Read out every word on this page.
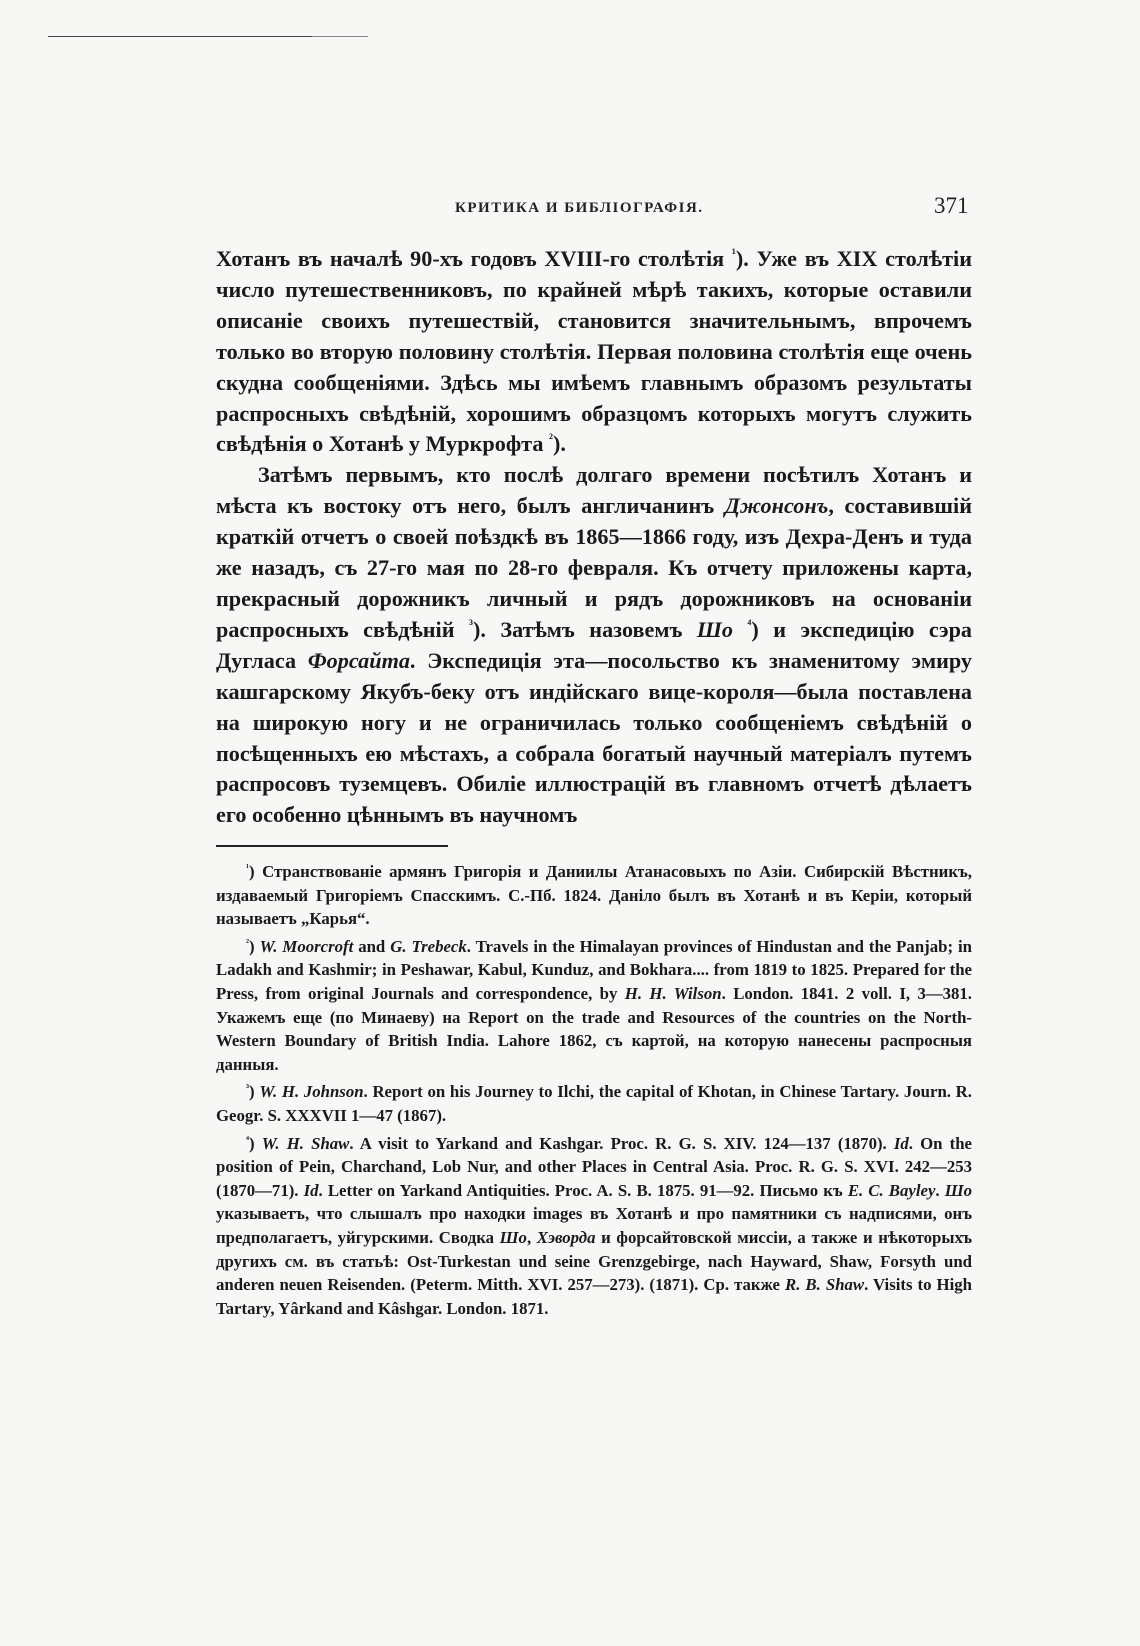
КРИТИКА И БИБЛІОГРАФІЯ.	371

Хотанъ въ началѣ 90-хъ годовъ XVIII-го столѣтія $^{^1}$). Уже въ XIX столѣтіи число путешественниковъ, по крайней мѣрѣ такихъ, которые оставили описаніе своихъ путешествій, становится значительнымъ, впрочемъ только во вторую половину столѣтія. Первая половина столѣтія еще очень скудна сообщеніями. Здѣсь мы имѣемъ главнымъ образомъ результаты распросныхъ свѣдѣній, хорошимъ образцомъ которыхъ могутъ служить свѣдѣнія о Хотанѣ у Муркрофта $^{^2}$).

Затѣмъ первымъ, кто послѣ долгаго времени посѣтилъ Хотанъ и мѣста къ востоку отъ него, былъ англичанинъ Джонсонъ, составившій краткій отчетъ о своей поѣздкѣ въ 1865—1866 году, изъ Дехра-Денъ и туда же назадъ, съ 27-го мая по 28-го февраля. Къ отчету приложены карта, прекрасный дорожникъ личный и рядъ дорожниковъ на основаніи распросныхъ свѣдѣній $^{^3}$). Затѣмъ назовемъ Шо $^{^4}$) и экспедицію сэра Дугласа Форсайта. Экспедиція эта—посольство къ знаменитому эмиру кашгарскому Якубъ-беку отъ индійскаго вице-короля—была поставлена на широкую ногу и не ограничилась только сообщеніемъ свѣдѣній о посѣщенныхъ ею мѣстахъ, а собрала богатый научный матеріалъ путемъ распросовъ туземцевъ. Обиліе иллюстрацій въ главномъ отчетѣ дѣлаетъ его особенно цѣннымъ въ научномъ

$^{^1}$) Странствованіе армянъ Григорія и Даниилы Атанасовыхъ по Азіи. Сибирскій Вѣстникъ, издаваемый Григоріемъ Спасскимъ. С.-Пб. 1824. Даніло былъ въ Хотанѣ и въ Керіи, который называетъ „Карья“.

$^{^2}$) W. Moorcroft and G. Trebeck. Travels in the Himalayan provinces of Hindustan and the Panjab; in Ladakh and Kashmir; in Peshawar, Kabul, Kunduz, and Bokhara.... from 1819 to 1825. Prepared for the Press, from original Journals and correspondence, by H. H. Wilson. London. 1841. 2 voll. I, 3—381. Укажемъ еще (по Минаеву) на Report on the trade and Resources of the countries on the North-Western Boundary of British India. Lahore 1862, съ картой, на которую нанесены распросныя данныя.

$^{^3}$) W. H. Johnson. Report on his Journey to Ilchi, the capital of Khotan, in Chinese Tartary. Journ. R. Geogr. S. XXXVII 1—47 (1867).

$^{^4}$) W. H. Shaw. A visit to Yarkand and Kashgar. Proc. R. G. S. XIV. 124—137 (1870). Id. On the position of Pein, Charchand, Lob Nur, and other Places in Central Asia. Proc. R. G. S. XVI. 242—253 (1870—71). Id. Letter on Yarkand Antiquities. Proc. A. S. B. 1875. 91—92. Письмо къ E. C. Bayley. Шо указываетъ, что слышалъ про находки images въ Хотанѣ и про памятники съ надписями, онъ предполагаетъ, уйгурскими. Сводка Шо, Хэворда и форсайтовской миссіи, а также и нѣкоторыхъ другихъ см. въ статьѣ: Ost-Turkestan und seine Grenzgebirge, nach Hayward, Shaw, Forsyth und anderen neuen Reisenden. (Peterm. Mitth. XVI. 257—273). (1871). Ср. также R. B. Shaw. Visits to High Tartary, Yârkand and Kâshgar. London. 1871.
